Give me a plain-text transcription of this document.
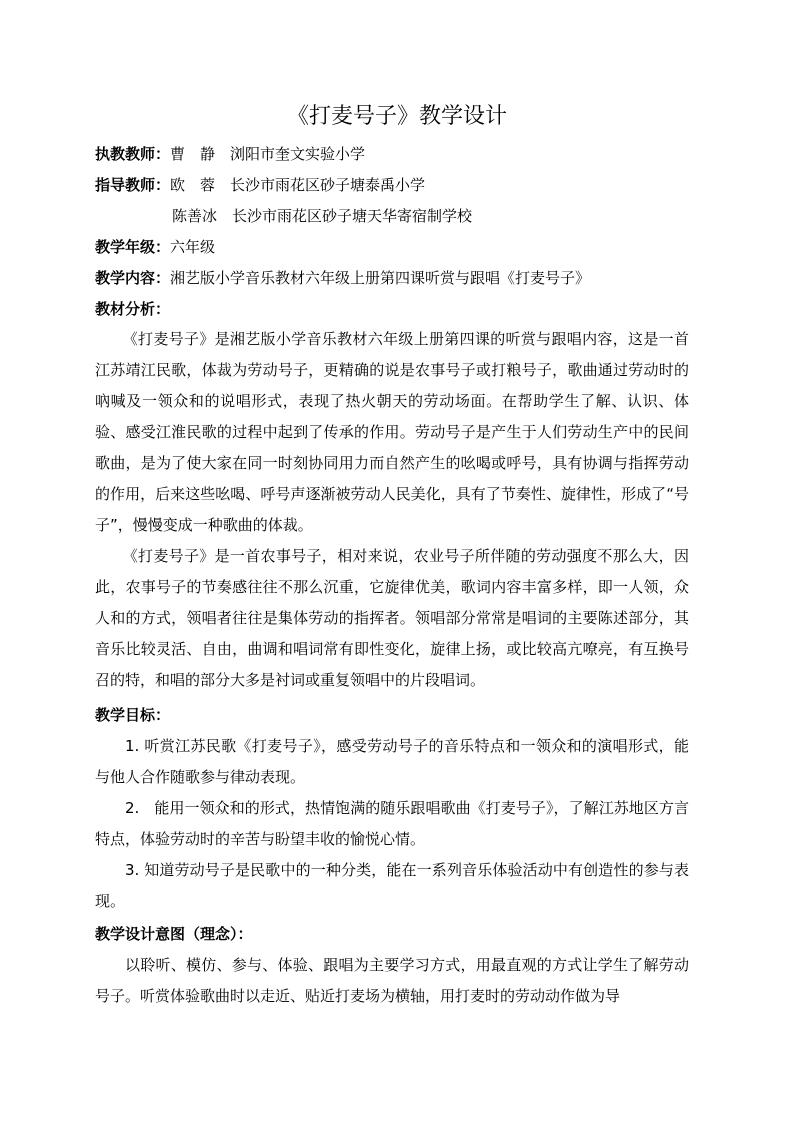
《打麦号子》教学设计
执教教师：曹　静 浏阳市奎文实验小学
指导教师：欧　蓉 长沙市雨花区砂子塘泰禹小学
陈善冰 长沙市雨花区砂子塘天华寄宿制学校
教学年级：六年级
教学内容：湘艺版小学音乐教材六年级上册第四课听赏与跟唱《打麦号子》
教材分析：

《打麦号子》是湘艺版小学音乐教材六年级上册第四课的听赏与跟唱内容，这是一首江苏靖江民歌，体裁为劳动号子，更精确的说是农事号子或打粮号子，歌曲通过劳动时的吶喊及一领众和的说唱形式，表现了热火朝天的劳动场面。在帮助学生了解、认识、体验、感受江淮民歌的过程中起到了传承的作用。劳动号子是产生于人们劳动生产中的民间歌曲，是为了使大家在同一时刻协同用力而自然产生的吆喝或呼号，具有协调与指挥劳动的作用，后来这些吆喝、呼号声逐渐被劳动人民美化，具有了节奏性、旋律性，形成了“号子”，慢慢变成一种歌曲的体裁。

《打麦号子》是一首农事号子，相对来说，农业号子所伴随的劳动强度不那么大，因此，农事号子的节奏感往往不那么沉重，它旋律优美，歌词内容丰富多样，即一人领，众人和的方式，领唱者往往是集体劳动的指挥者。领唱部分常常是唱词的主要陈述部分，其音乐比较灵活、自由，曲调和唱词常有即性变化，旋律上扬，或比较高亢嘹亮，有互换号召的特，和唱的部分大多是衬词或重复领唱中的片段唱词。

教学目标：

1. 听赏江苏民歌《打麦号子》，感受劳动号子的音乐特点和一领众和的演唱形式，能与他人合作随歌参与律动表现。

2.　能用一领众和的形式，热情饱满的随乐跟唱歌曲《打麦号子》，了解江苏地区方言特点，体验劳动时的辛苦与盼望丰收的愉悦心情。

3. 知道劳动号子是民歌中的一种分类，能在一系列音乐体验活动中有创造性的参与表现。

教学设计意图（理念）：

以聆听、模仿、参与、体验、跟唱为主要学习方式，用最直观的方式让学生了解劳动号子。听赏体验歌曲时以走近、贴近打麦场为横轴，用打麦时的劳动动作做为导
